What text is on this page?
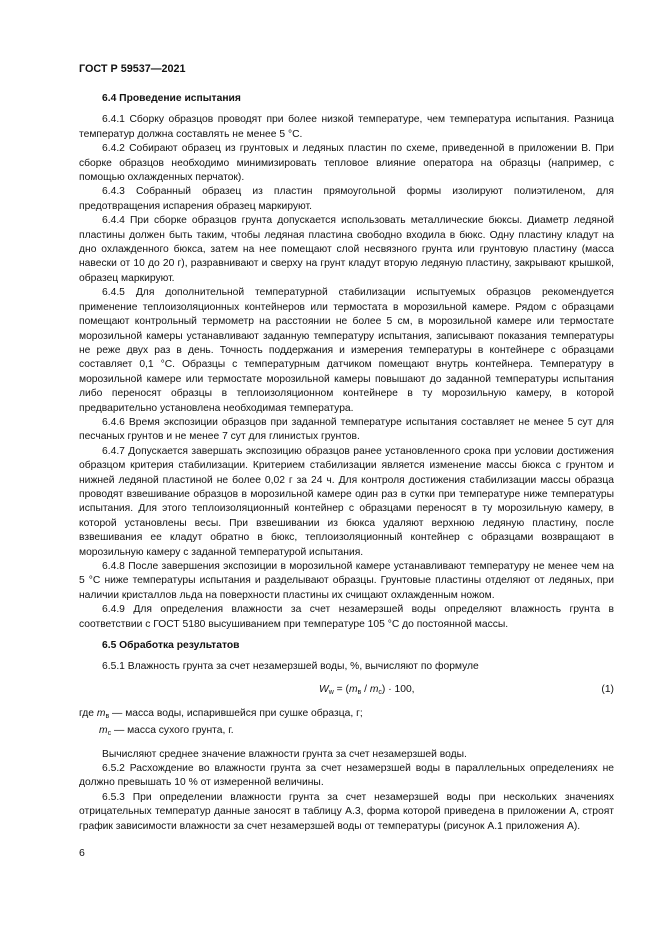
ГОСТ Р 59537—2021
6.4 Проведение испытания

6.4.1 Сборку образцов проводят при более низкой температуре, чем температура испытания. Разница температур должна составлять не менее 5 °С.

6.4.2 Собирают образец из грунтовых и ледяных пластин по схеме, приведенной в приложении В. При сборке образцов необходимо минимизировать тепловое влияние оператора на образцы (например, с помощью охлажденных перчаток).

6.4.3 Собранный образец из пластин прямоугольной формы изолируют полиэтиленом, для предотвращения испарения образец маркируют.

6.4.4 При сборке образцов грунта допускается использовать металлические бюксы. Диаметр ледяной пластины должен быть таким, чтобы ледяная пластина свободно входила в бюкс. Одну пластину кладут на дно охлажденного бюкса, затем на нее помещают слой несвязного грунта или грунтовую пластину (масса навески от 10 до 20 г), разравнивают и сверху на грунт кладут вторую ледяную пластину, закрывают крышкой, образец маркируют.

6.4.5 Для дополнительной температурной стабилизации испытуемых образцов рекомендуется применение теплоизоляционных контейнеров или термостата в морозильной камере. Рядом с образцами помещают контрольный термометр на расстоянии не более 5 см, в морозильной камере или термостате морозильной камеры устанавливают заданную температуру испытания, записывают показания температуры не реже двух раз в день. Точность поддержания и измерения температуры в контейнере с образцами составляет 0,1 °С. Образцы с температурным датчиком помещают внутрь контейнера. Температуру в морозильной камере или термостате морозильной камеры повышают до заданной температуры испытания либо переносят образцы в теплоизоляционном контейнере в ту морозильную камеру, в которой предварительно установлена необходимая температура.

6.4.6 Время экспозиции образцов при заданной температуре испытания составляет не менее 5 сут для песчаных грунтов и не менее 7 сут для глинистых грунтов.

6.4.7 Допускается завершать экспозицию образцов ранее установленного срока при условии достижения образцом критерия стабилизации. Критерием стабилизации является изменение массы бюкса с грунтом и нижней ледяной пластиной не более 0,02 г за 24 ч. Для контроля достижения стабилизации массы образца проводят взвешивание образцов в морозильной камере один раз в сутки при температуре ниже температуры испытания. Для этого теплоизоляционный контейнер с образцами переносят в ту морозильную камеру, в которой установлены весы. При взвешивании из бюкса удаляют верхнюю ледяную пластину, после взвешивания ее кладут обратно в бюкс, теплоизоляционный контейнер с образцами возвращают в морозильную камеру с заданной температурой испытания.

6.4.8 После завершения экспозиции в морозильной камере устанавливают температуру не менее чем на 5 °С ниже температуры испытания и разделывают образцы. Грунтовые пластины отделяют от ледяных, при наличии кристаллов льда на поверхности пластины их счищают охлажденным ножом.

6.4.9 Для определения влажности за счет незамерзшей воды определяют влажность грунта в соответствии с ГОСТ 5180 высушиванием при температуре 105 °С до постоянной массы.

6.5 Обработка результатов

6.5.1 Влажность грунта за счет незамерзшей воды, %, вычисляют по формуле

$W_w = (m_в / m_c) \cdot 100$,	(1)
где $m_в$ — масса воды, испарившейся при сушке образца, г;
$m_c$ — масса сухого грунта, г.

Вычисляют среднее значение влажности грунта за счет незамерзшей воды.

6.5.2 Расхождение во влажности грунта за счет незамерзшей воды в параллельных определениях не должно превышать 10 % от измеренной величины.

6.5.3 При определении влажности грунта за счет незамерзшей воды при нескольких значениях отрицательных температур данные заносят в таблицу А.3, форма которой приведена в приложении А, строят график зависимости влажности за счет незамерзшей воды от температуры (рисунок А.1 приложения А).

6
